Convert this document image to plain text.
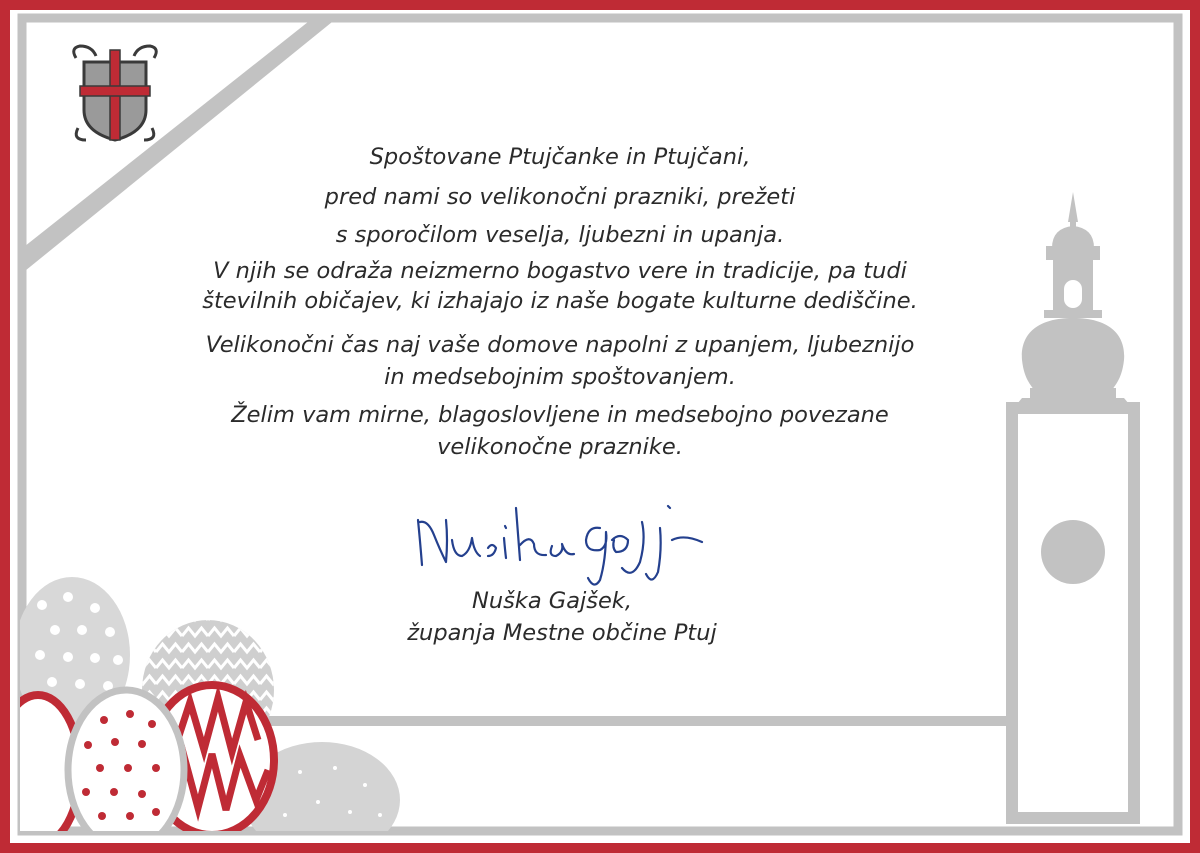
Spoštovane Ptujčanke in Ptujčani,

pred nami so velikonočni prazniki, prežeti

s sporočilom veselja, ljubezni in upanja.

V njih se odraža neizmerno bogastvo vere in tradicije, pa tudi

številnih običajev, ki izhajajo iz naše bogate kulturne dediščine.

Velikonočni čas naj vaše domove napolni z upanjem, ljubeznijo

in medsebojnim spoštovanjem.

Želim vam mirne, blagoslovljene in medsebojno povezane

velikonočne praznike.

Nuška Gajšek,

županja Mestne občine Ptuj
